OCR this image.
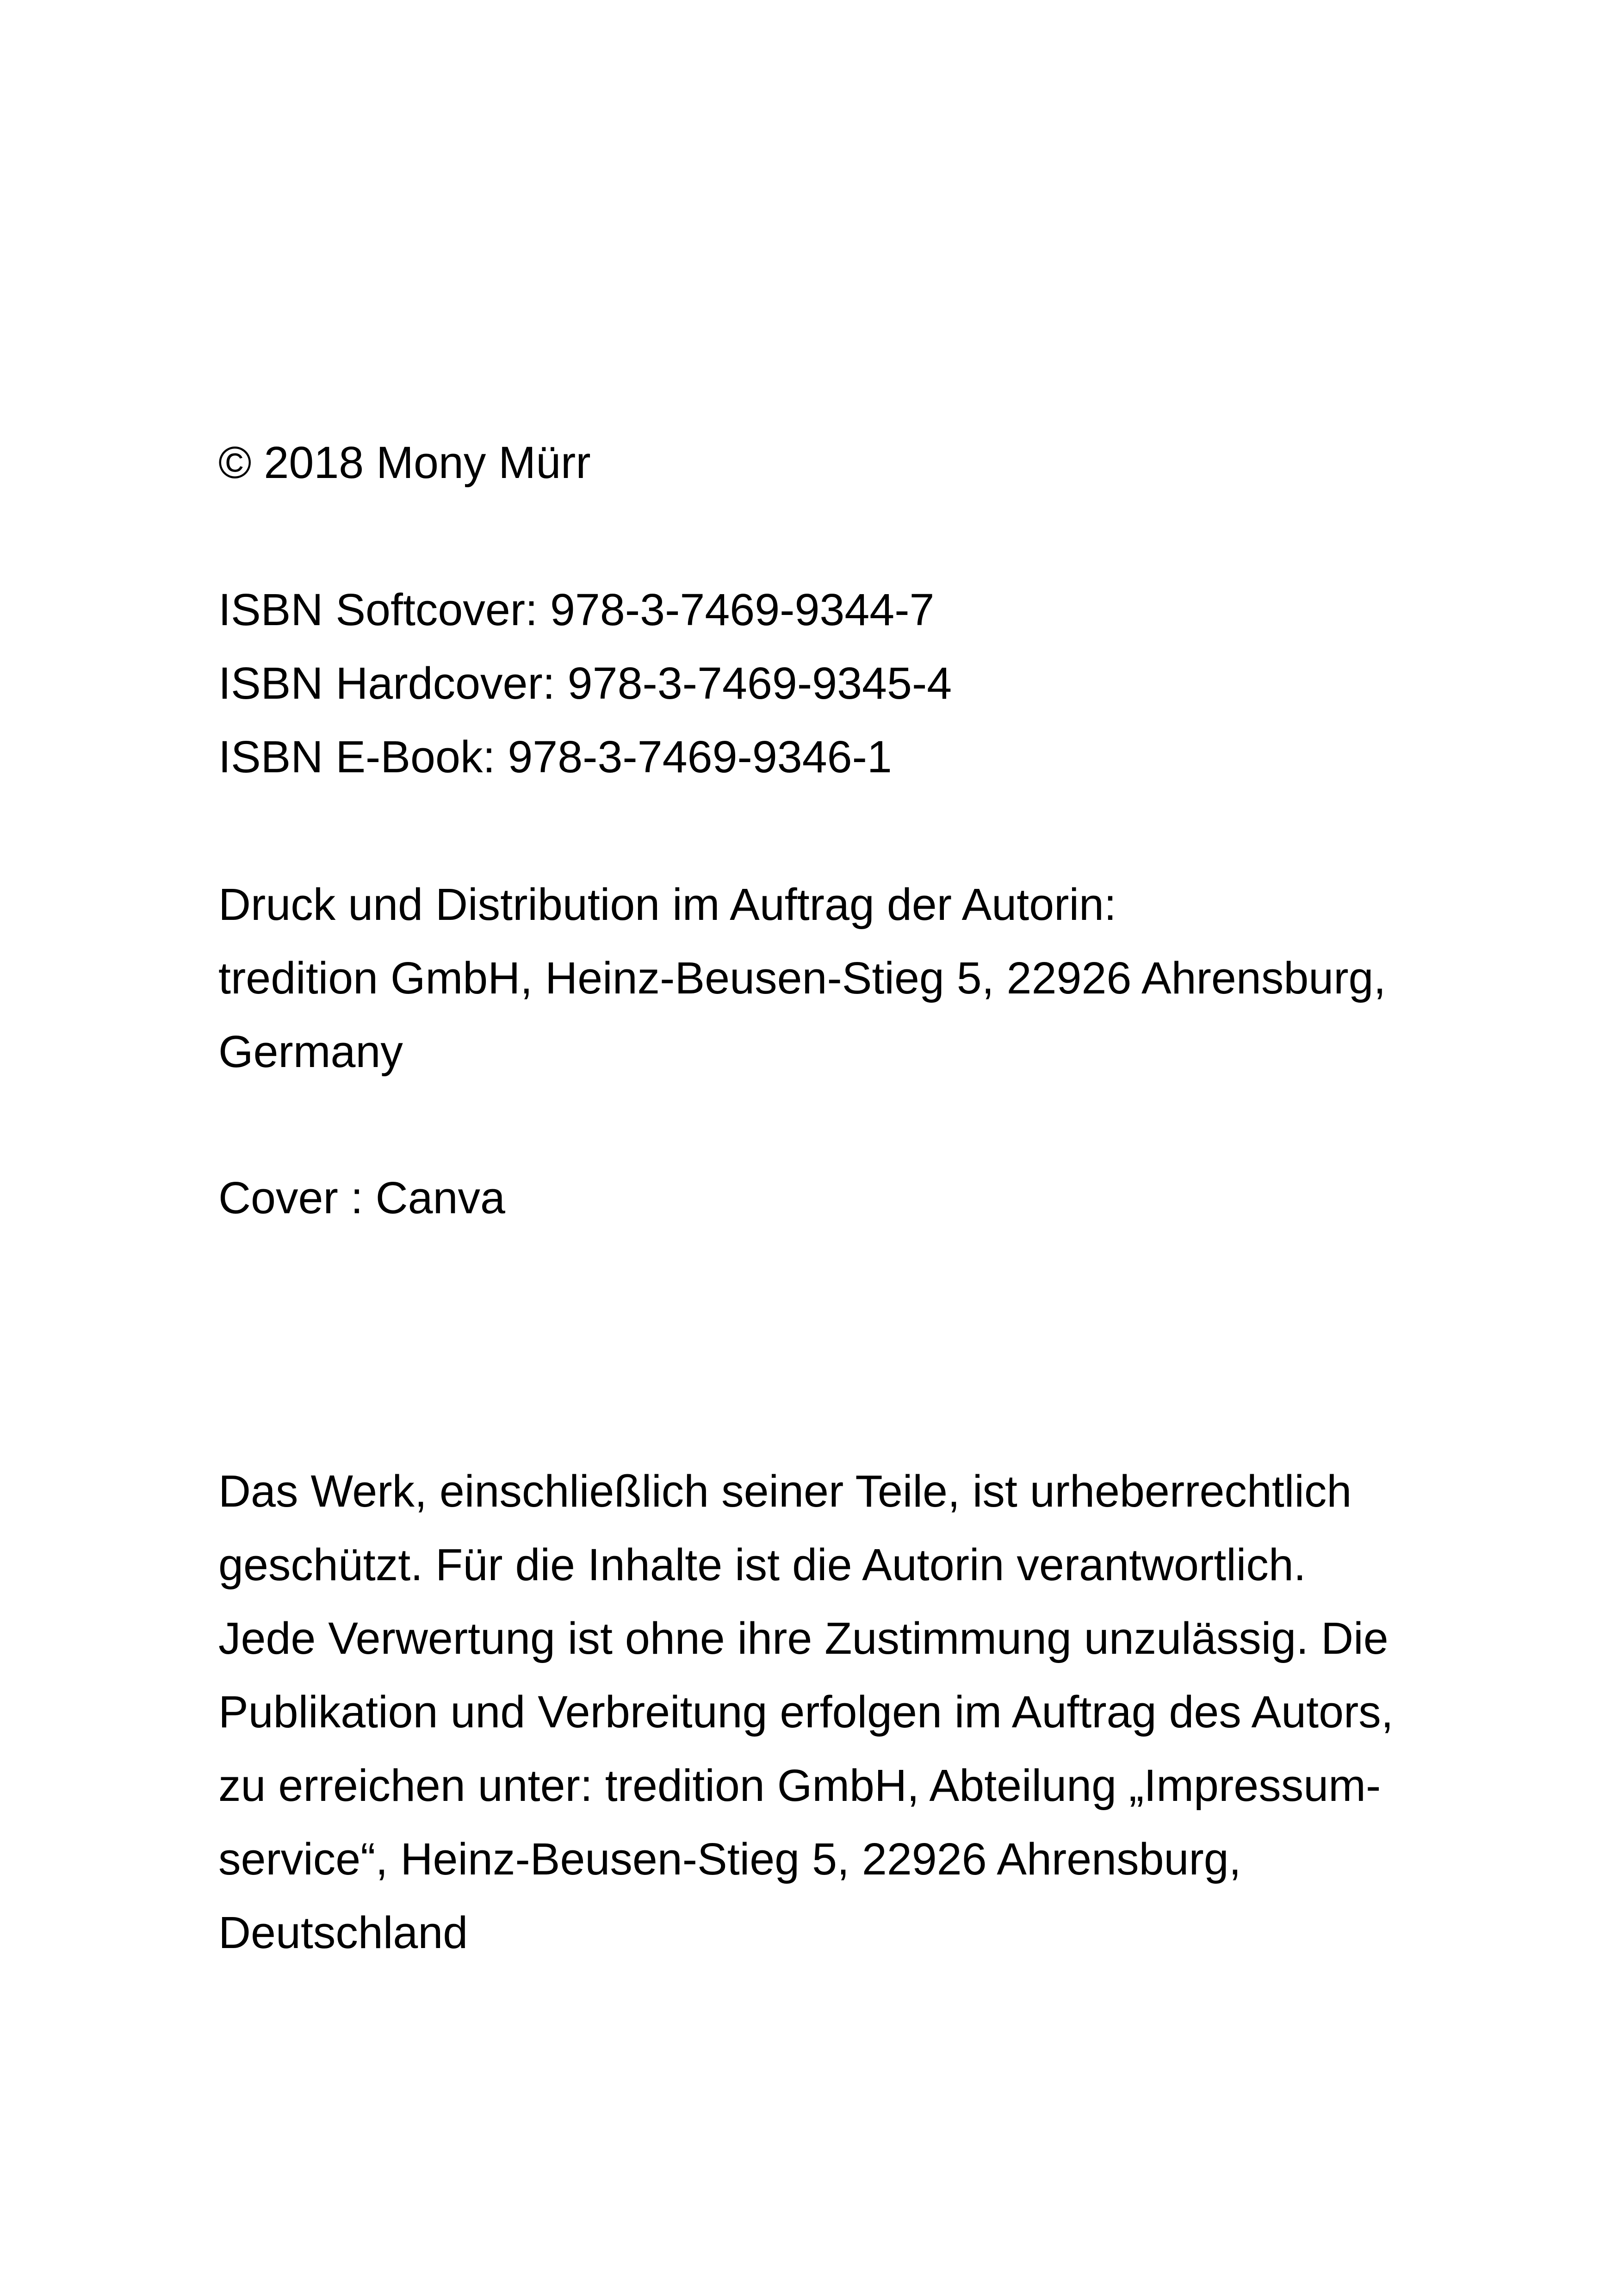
© 2018 Mony Mürr
ISBN Softcover: 978-3-7469-9344-7
ISBN Hardcover: 978-3-7469-9345-4
ISBN E-Book: 978-3-7469-9346-1
Druck und Distribution im Auftrag der Autorin:
tredition GmbH, Heinz-Beusen-Stieg 5, 22926 Ahrensburg,
Germany
Cover : Canva
Das Werk, einschließlich seiner Teile, ist urheberrechtlich
geschützt. Für die Inhalte ist die Autorin verantwortlich.
Jede Verwertung ist ohne ihre Zustimmung unzulässig. Die
Publikation und Verbreitung erfolgen im Auftrag des Autors,
zu erreichen unter: tredition GmbH, Abteilung „Impressum-
service“, Heinz-Beusen-Stieg 5, 22926 Ahrensburg,
Deutschland
